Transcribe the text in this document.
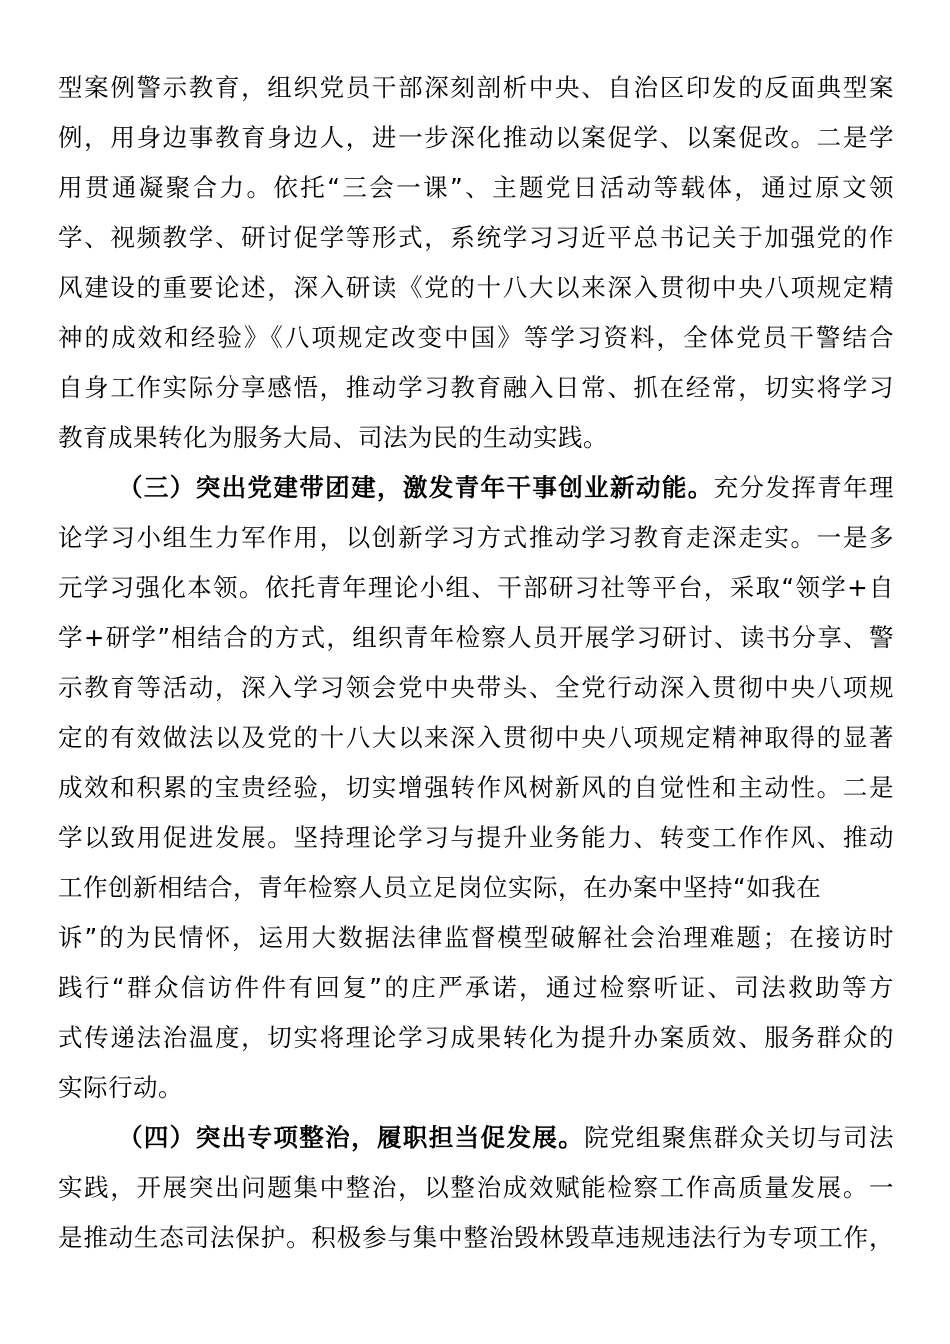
型案例警示教育，组织党员干部深刻剖析中央、自治区印发的反面典型案
例，用身边事教育身边人，进一步深化推动以案促学、以案促改。二是学
用贯通凝聚合力。依托“三会一课”、主题党日活动等载体，通过原文领
学、视频教学、研讨促学等形式，系统学习习近平总书记关于加强党的作
风建设的重要论述，深入研读《党的十八大以来深入贯彻中央八项规定精
神的成效和经验》《八项规定改变中国》等学习资料，全体党员干警结合
自身工作实际分享感悟，推动学习教育融入日常、抓在经常，切实将学习
教育成果转化为服务大局、司法为民的生动实践。
（三）突出党建带团建，激发青年干事创业新动能。充分发挥青年理
论学习小组生力军作用，以创新学习方式推动学习教育走深走实。一是多
元学习强化本领。依托青年理论小组、干部研习社等平台，采取“领学+自
学+研学”相结合的方式，组织青年检察人员开展学习研讨、读书分享、警
示教育等活动，深入学习领会党中央带头、全党行动深入贯彻中央八项规
定的有效做法以及党的十八大以来深入贯彻中央八项规定精神取得的显著
成效和积累的宝贵经验，切实增强转作风树新风的自觉性和主动性。二是
学以致用促进发展。坚持理论学习与提升业务能力、转变工作作风、推动
工作创新相结合，青年检察人员立足岗位实际，在办案中坚持“如我在
诉”的为民情怀，运用大数据法律监督模型破解社会治理难题；在接访时
践行“群众信访件件有回复”的庄严承诺，通过检察听证、司法救助等方
式传递法治温度，切实将理论学习成果转化为提升办案质效、服务群众的
实际行动。
（四）突出专项整治，履职担当促发展。院党组聚焦群众关切与司法
实践，开展突出问题集中整治，以整治成效赋能检察工作高质量发展。一
是推动生态司法保护。积极参与集中整治毁林毁草违规违法行为专项工作，
